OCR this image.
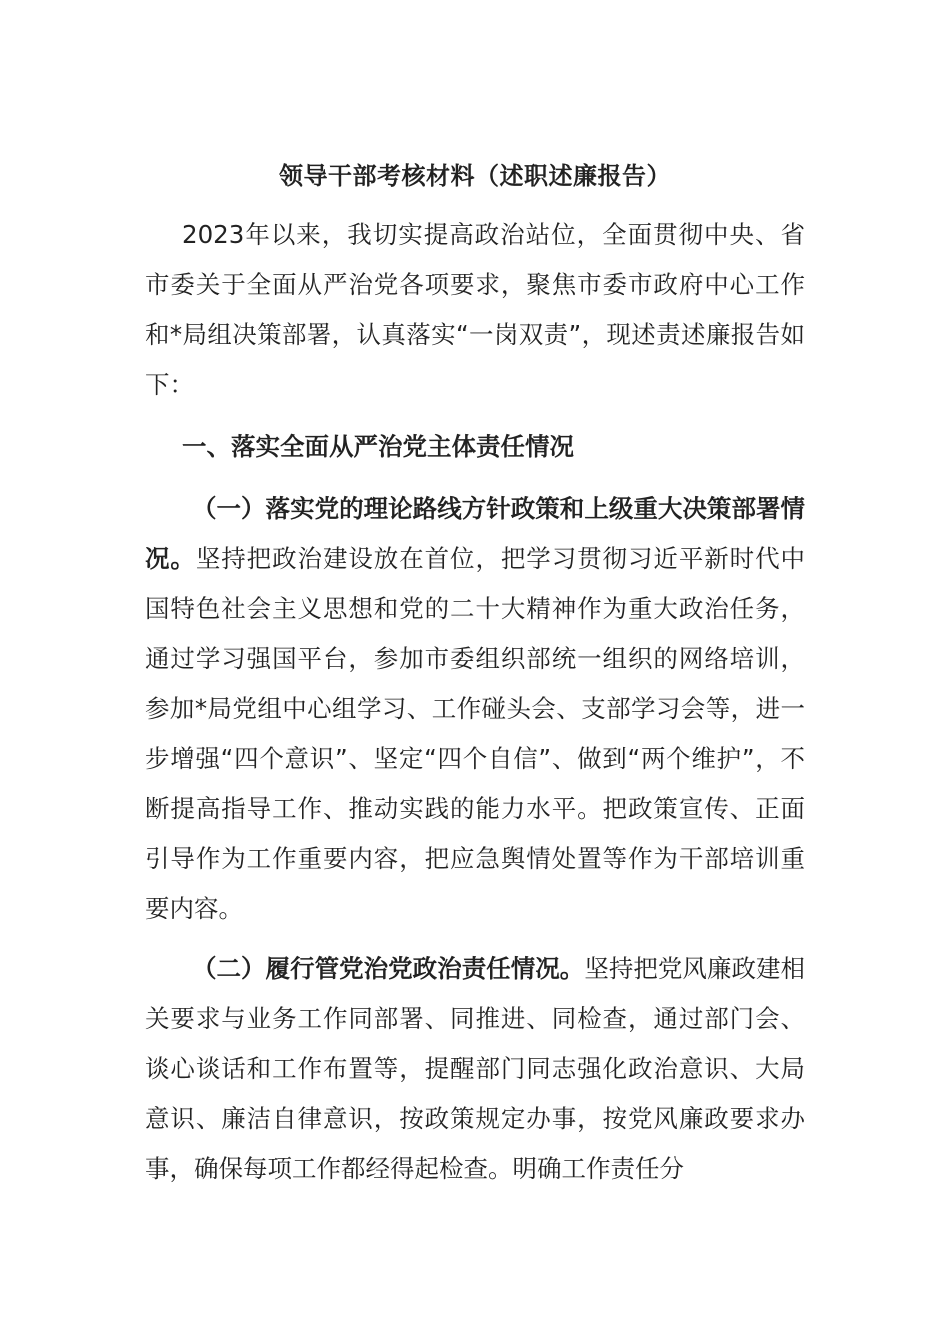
领导干部考核材料（述职述廉报告）

2023年以来，我切实提高政治站位，全面贯彻中央、省市委关于全面从严治党各项要求，聚焦市委市政府中心工作和*局组决策部署，认真落实“一岗双责”，现述责述廉报告如下：

一、落实全面从严治党主体责任情况

（一）落实党的理论路线方针政策和上级重大决策部署情况。坚持把政治建设放在首位，把学习贯彻习近平新时代中国特色社会主义思想和党的二十大精神作为重大政治任务，通过学习强国平台，参加市委组织部统一组织的网络培训，参加*局党组中心组学习、工作碰头会、支部学习会等，进一步增强“四个意识”、坚定“四个自信”、做到“两个维护”，不断提高指导工作、推动实践的能力水平。把政策宣传、正面引导作为工作重要内容，把应急舆情处置等作为干部培训重要内容。

（二）履行管党治党政治责任情况。坚持把党风廉政建相关要求与业务工作同部署、同推进、同检查，通过部门会、谈心谈话和工作布置等，提醒部门同志强化政治意识、大局意识、廉洁自律意识，按政策规定办事，按党风廉政要求办事，确保每项工作都经得起检查。明确工作责任分
